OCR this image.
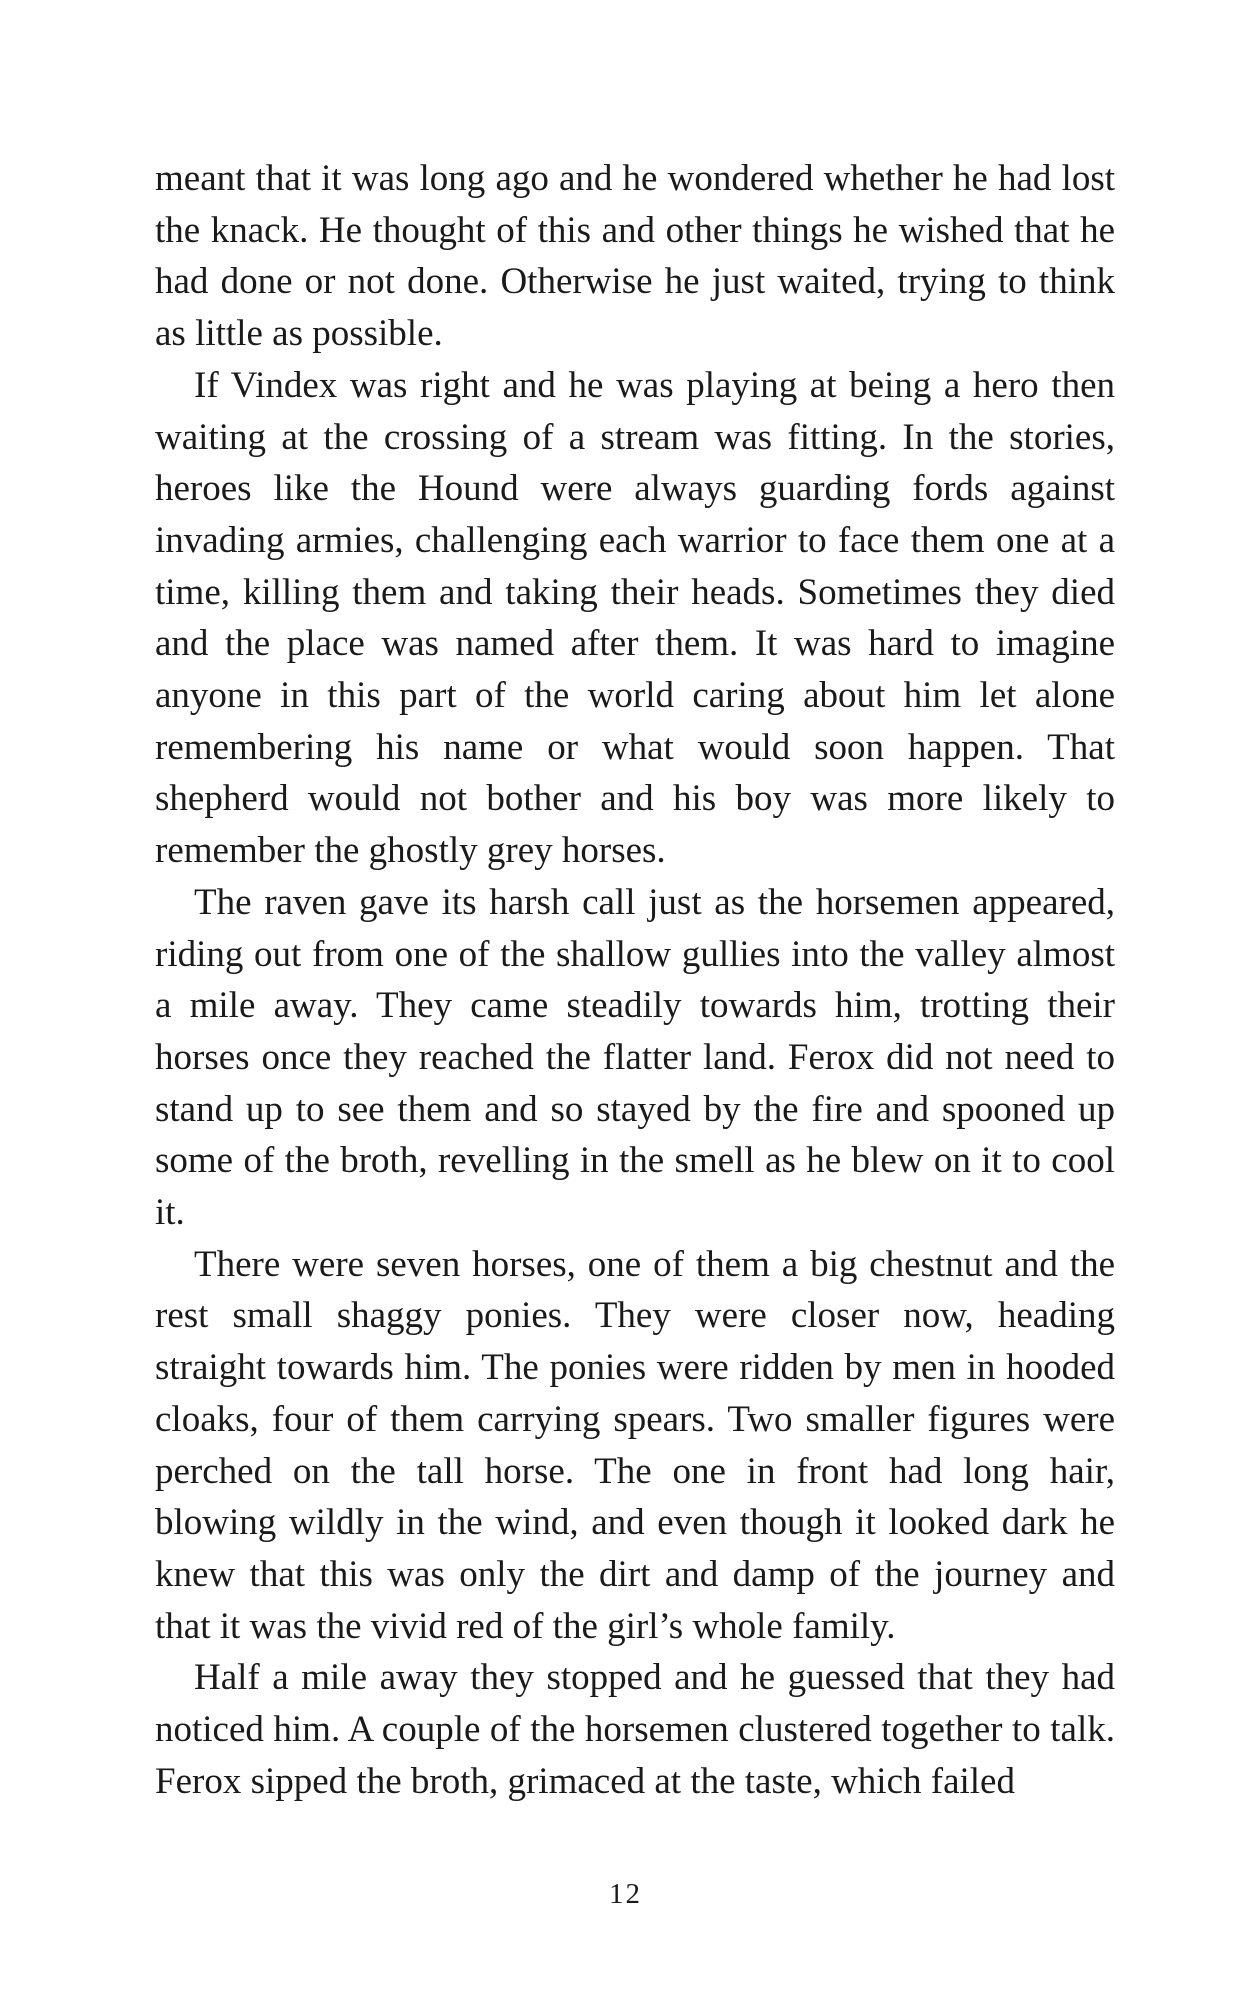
meant that it was long ago and he wondered whether he had lost the knack. He thought of this and other things he wished that he had done or not done. Otherwise he just waited, trying to think as little as possible.

If Vindex was right and he was playing at being a hero then waiting at the crossing of a stream was fitting. In the stories, heroes like the Hound were always guarding fords against invading armies, challenging each warrior to face them one at a time, killing them and taking their heads. Sometimes they died and the place was named after them. It was hard to imagine anyone in this part of the world caring about him let alone remembering his name or what would soon happen. That shepherd would not bother and his boy was more likely to remember the ghostly grey horses.

The raven gave its harsh call just as the horsemen appeared, riding out from one of the shallow gullies into the valley almost a mile away. They came steadily towards him, trotting their horses once they reached the flatter land. Ferox did not need to stand up to see them and so stayed by the fire and spooned up some of the broth, revelling in the smell as he blew on it to cool it.

There were seven horses, one of them a big chestnut and the rest small shaggy ponies. They were closer now, heading straight towards him. The ponies were ridden by men in hooded cloaks, four of them carrying spears. Two smaller figures were perched on the tall horse. The one in front had long hair, blowing wildly in the wind, and even though it looked dark he knew that this was only the dirt and damp of the journey and that it was the vivid red of the girl’s whole family.

Half a mile away they stopped and he guessed that they had noticed him. A couple of the horsemen clustered together to talk. Ferox sipped the broth, grimaced at the taste, which failed

12
